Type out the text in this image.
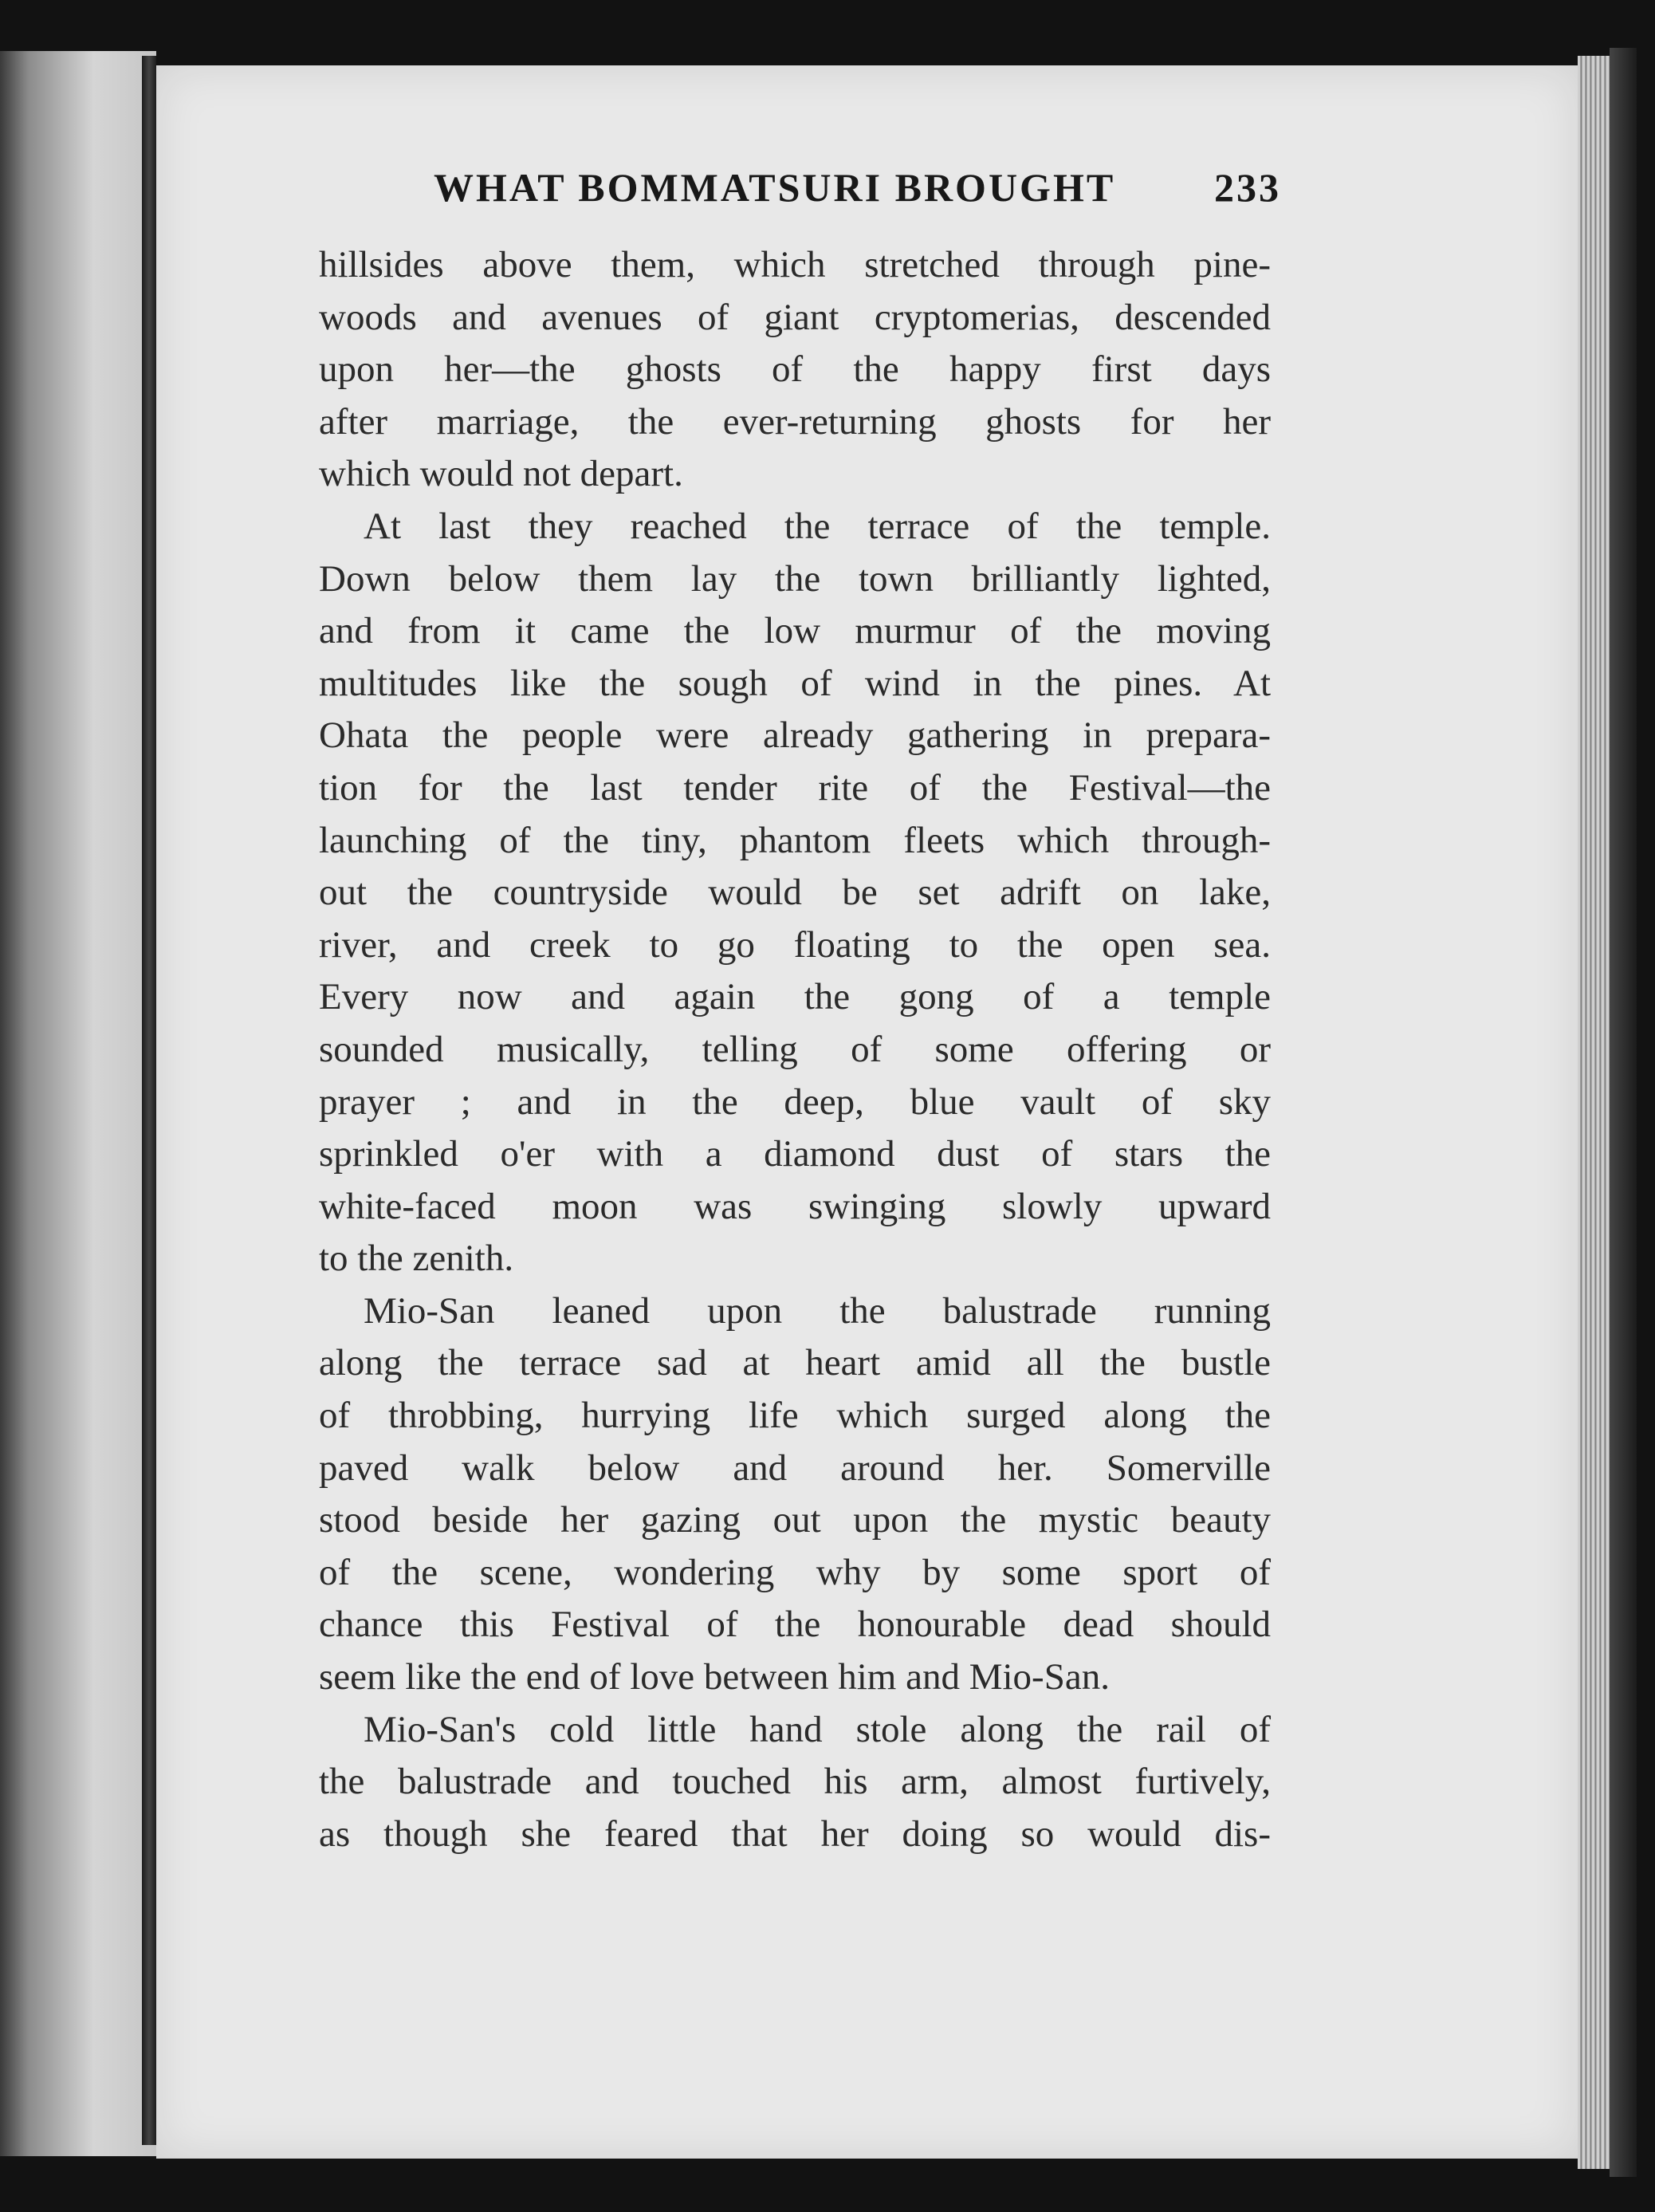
WHAT BOMMATSURI BROUGHT 233
hillsides above them, which stretched through pine-
woods and avenues of giant cryptomerias, descended
upon her—the ghosts of the happy first days
after marriage, the ever-returning ghosts for her
which would not depart.
At last they reached the terrace of the temple.
Down below them lay the town brilliantly lighted,
and from it came the low murmur of the moving
multitudes like the sough of wind in the pines. At
Ohata the people were already gathering in prepara-
tion for the last tender rite of the Festival—the
launching of the tiny, phantom fleets which through-
out the countryside would be set adrift on lake,
river, and creek to go floating to the open sea.
Every now and again the gong of a temple
sounded musically, telling of some offering or
prayer ; and in the deep, blue vault of sky
sprinkled o'er with a diamond dust of stars the
white-faced moon was swinging slowly upward
to the zenith.
Mio-San leaned upon the balustrade running
along the terrace sad at heart amid all the bustle
of throbbing, hurrying life which surged along the
paved walk below and around her. Somerville
stood beside her gazing out upon the mystic beauty
of the scene, wondering why by some sport of
chance this Festival of the honourable dead should
seem like the end of love between him and Mio-San.
Mio-San's cold little hand stole along the rail of
the balustrade and touched his arm, almost furtively,
as though she feared that her doing so would dis-
